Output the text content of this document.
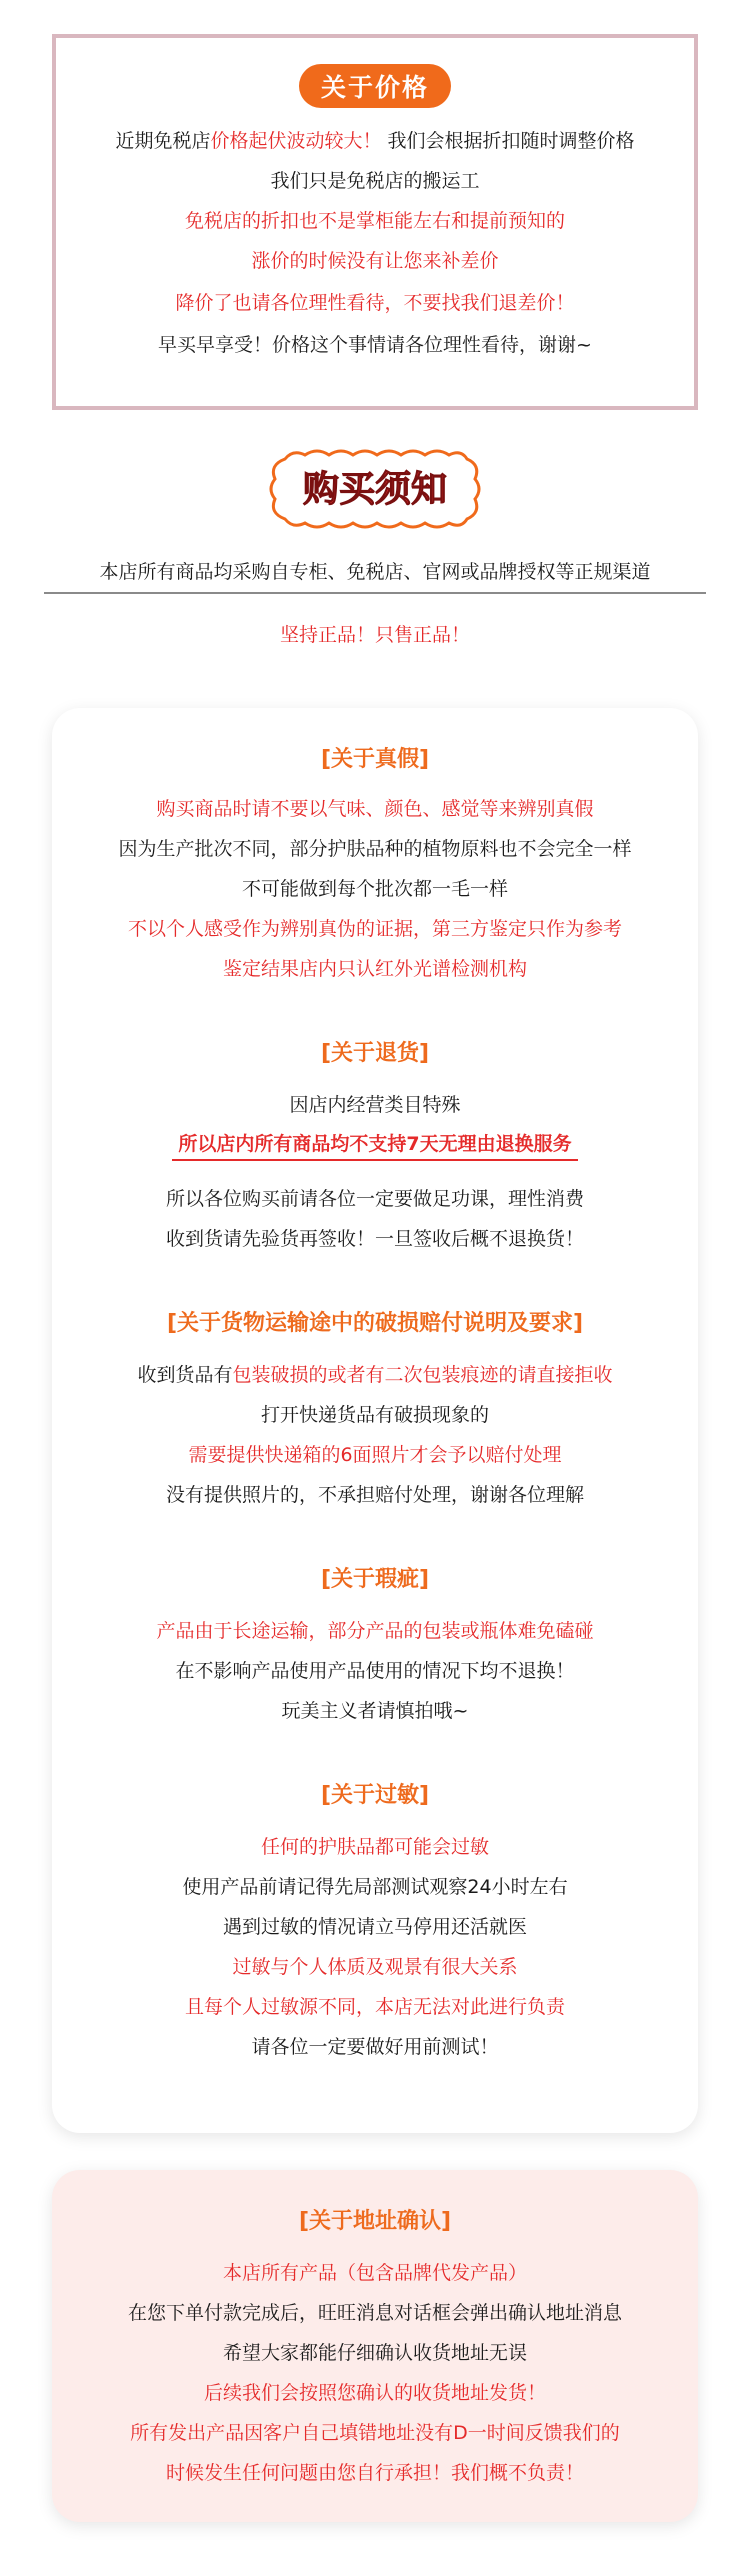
关于价格
近期免税店价格起伏波动较大！ 我们会根据折扣随时调整价格
我们只是免税店的搬运工
免税店的折扣也不是掌柜能左右和提前预知的
涨价的时候没有让您来补差价
降价了也请各位理性看待，不要找我们退差价！
早买早享受！价格这个事情请各位理性看待，谢谢~
购买须知
本店所有商品均采购自专柜、免税店、官网或品牌授权等正规渠道
坚持正品！只售正品！
[关于真假]
购买商品时请不要以气味、颜色、感觉等来辨别真假
因为生产批次不同，部分护肤品种的植物原料也不会完全一样
不可能做到每个批次都一毛一样
不以个人感受作为辨别真伪的证据，第三方鉴定只作为参考
鉴定结果店内只认红外光谱检测机构
[关于退货]
因店内经营类目特殊
所以店内所有商品均不支持7天无理由退换服务
所以各位购买前请各位一定要做足功课，理性消费
收到货请先验货再签收！一旦签收后概不退换货！
[关于货物运输途中的破损赔付说明及要求]
收到货品有包装破损的或者有二次包装痕迹的请直接拒收
打开快递货品有破损现象的
需要提供快递箱的6面照片才会予以赔付处理
没有提供照片的，不承担赔付处理，谢谢各位理解
[关于瑕疵]
产品由于长途运输，部分产品的包装或瓶体难免磕碰
在不影响产品使用产品使用的情况下均不退换！
玩美主义者请慎拍哦~
[关于过敏]
任何的护肤品都可能会过敏
使用产品前请记得先局部测试观察24小时左右
遇到过敏的情况请立马停用还活就医
过敏与个人体质及观景有很大关系
且每个人过敏源不同，本店无法对此进行负责
请各位一定要做好用前测试！
[关于地址确认]
本店所有产品（包含品牌代发产品）
在您下单付款完成后，旺旺消息对话框会弹出确认地址消息
希望大家都能仔细确认收货地址无误
后续我们会按照您确认的收货地址发货！
所有发出产品因客户自己填错地址没有D一时间反馈我们的
时候发生任何问题由您自行承担！我们概不负责！
